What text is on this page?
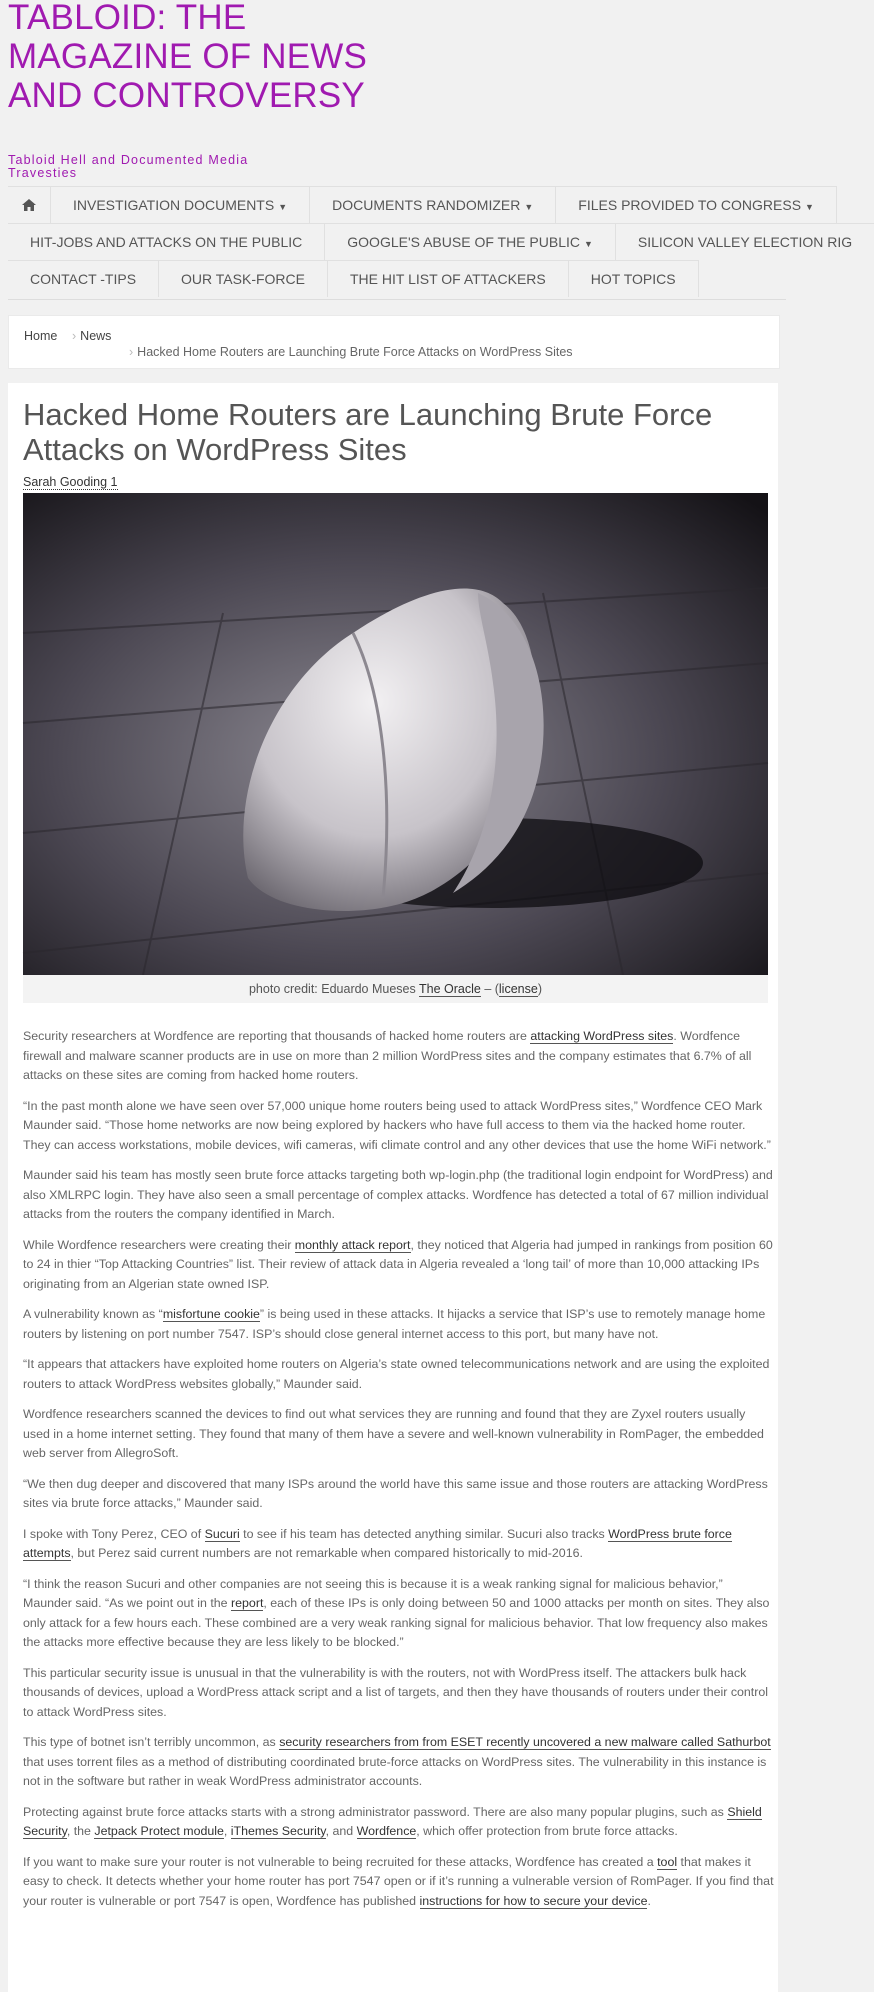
TABLOID: THE MAGAZINE OF NEWS AND CONTROVERSY
Tabloid Hell and Documented Media Travesties
INVESTIGATION DOCUMENTS ▼	DOCUMENTS RANDOMIZER ▼	FILES PROVIDED TO CONGRESS ▼
HIT-JOBS AND ATTACKS ON THE PUBLIC	GOOGLE'S ABUSE OF THE PUBLIC ▼	SILICON VALLEY ELECTION RIG
CONTACT -TIPS	OUR TASK-FORCE	THE HIT LIST OF ATTACKERS	HOT TOPICS
Home › News
› Hacked Home Routers are Launching Brute Force Attacks on WordPress Sites
Hacked Home Routers are Launching Brute Force Attacks on WordPress Sites
Sarah Gooding 1
photo credit: Eduardo Mueses The Oracle – (license)

Security researchers at Wordfence are reporting that thousands of hacked home routers are attacking WordPress sites. Wordfence firewall and malware scanner products are in use on more than 2 million WordPress sites and the company estimates that 6.7% of all attacks on these sites are coming from hacked home routers.

“In the past month alone we have seen over 57,000 unique home routers being used to attack WordPress sites,” Wordfence CEO Mark Maunder said. “Those home networks are now being explored by hackers who have full access to them via the hacked home router. They can access workstations, mobile devices, wifi cameras, wifi climate control and any other devices that use the home WiFi network.”

Maunder said his team has mostly seen brute force attacks targeting both wp-login.php (the traditional login endpoint for WordPress) and also XMLRPC login. They have also seen a small percentage of complex attacks. Wordfence has detected a total of 67 million individual attacks from the routers the company identified in March.

While Wordfence researchers were creating their monthly attack report, they noticed that Algeria had jumped in rankings from position 60 to 24 in thier “Top Attacking Countries” list. Their review of attack data in Algeria revealed a ‘long tail’ of more than 10,000 attacking IPs originating from an Algerian state owned ISP.

A vulnerability known as “misfortune cookie” is being used in these attacks. It hijacks a service that ISP’s use to remotely manage home routers by listening on port number 7547. ISP’s should close general internet access to this port, but many have not.

“It appears that attackers have exploited home routers on Algeria’s state owned telecommunications network and are using the exploited routers to attack WordPress websites globally,” Maunder said.

Wordfence researchers scanned the devices to find out what services they are running and found that they are Zyxel routers usually used in a home internet setting. They found that many of them have a severe and well-known vulnerability in RomPager, the embedded web server from AllegroSoft.

“We then dug deeper and discovered that many ISPs around the world have this same issue and those routers are attacking WordPress sites via brute force attacks,” Maunder said.

I spoke with Tony Perez, CEO of Sucuri to see if his team has detected anything similar. Sucuri also tracks WordPress brute force attempts, but Perez said current numbers are not remarkable when compared historically to mid-2016.

“I think the reason Sucuri and other companies are not seeing this is because it is a weak ranking signal for malicious behavior,” Maunder said. “As we point out in the report, each of these IPs is only doing between 50 and 1000 attacks per month on sites. They also only attack for a few hours each. These combined are a very weak ranking signal for malicious behavior. That low frequency also makes the attacks more effective because they are less likely to be blocked.”

This particular security issue is unusual in that the vulnerability is with the routers, not with WordPress itself. The attackers bulk hack thousands of devices, upload a WordPress attack script and a list of targets, and then they have thousands of routers under their control to attack WordPress sites.

This type of botnet isn’t terribly uncommon, as security researchers from from ESET recently uncovered a new malware called Sathurbot that uses torrent files as a method of distributing coordinated brute-force attacks on WordPress sites. The vulnerability in this instance is not in the software but rather in weak WordPress administrator accounts.

Protecting against brute force attacks starts with a strong administrator password. There are also many popular plugins, such as Shield Security, the Jetpack Protect module, iThemes Security, and Wordfence, which offer protection from brute force attacks.

If you want to make sure your router is not vulnerable to being recruited for these attacks, Wordfence has created a tool that makes it easy to check. It detects whether your home router has port 7547 open or if it’s running a vulnerable version of RomPager. If you find that your router is vulnerable or port 7547 is open, Wordfence has published instructions for how to secure your device.
